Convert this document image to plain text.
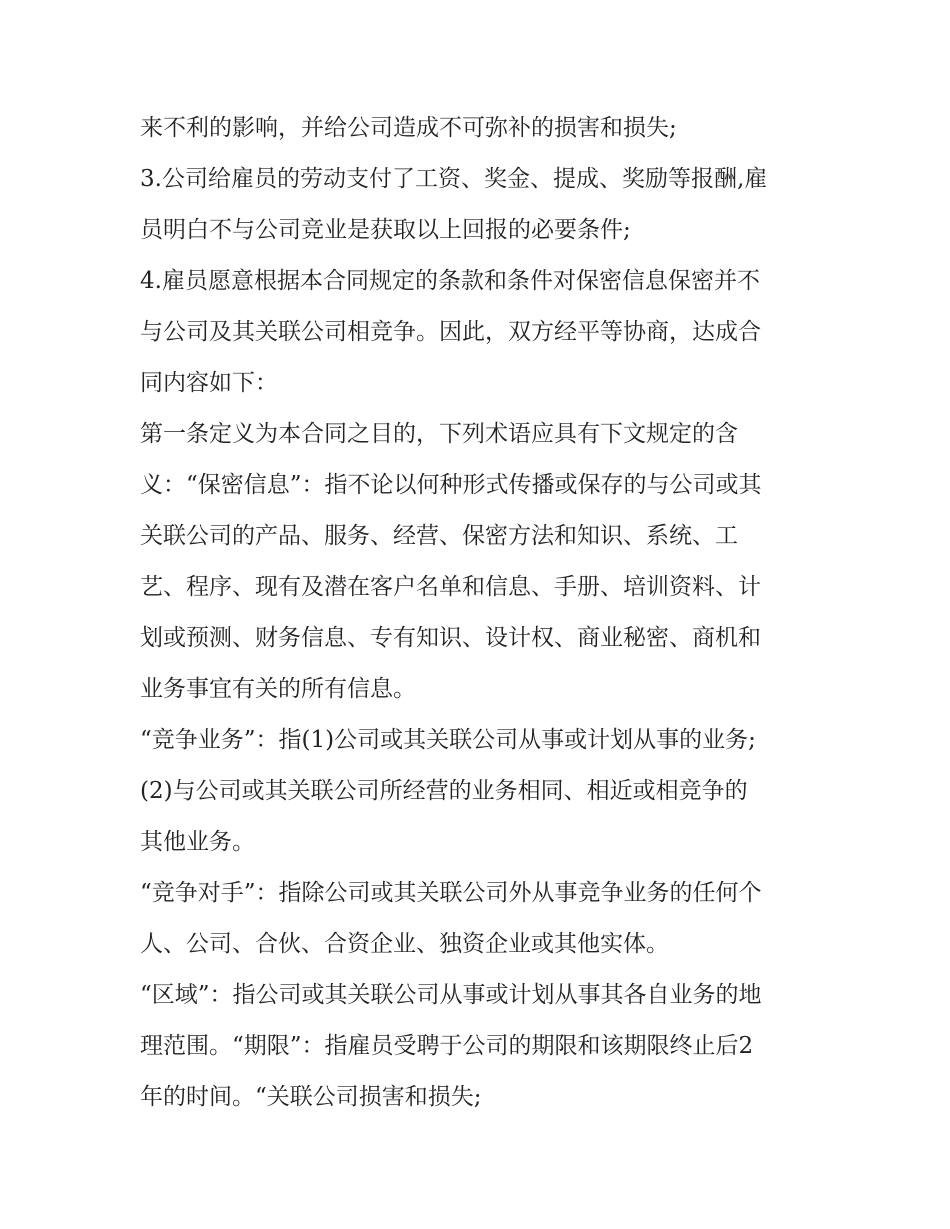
来不利的影响，并给公司造成不可弥补的损害和损失;
3.公司给雇员的劳动支付了工资、奖金、提成、奖励等报酬,雇
员明白不与公司竞业是获取以上回报的必要条件;
4.雇员愿意根据本合同规定的条款和条件对保密信息保密并不
与公司及其关联公司相竞争。因此，双方经平等协商，达成合
同内容如下：
第一条定义为本合同之目的，下列术语应具有下文规定的含
义：“保密信息”：指不论以何种形式传播或保存的与公司或其
关联公司的产品、服务、经营、保密方法和知识、系统、工
艺、程序、现有及潜在客户名单和信息、手册、培训资料、计
划或预测、财务信息、专有知识、设计权、商业秘密、商机和
业务事宜有关的所有信息。
“竞争业务”：指(1)公司或其关联公司从事或计划从事的业务;
(2)与公司或其关联公司所经营的业务相同、相近或相竞争的
其他业务。
“竞争对手”：指除公司或其关联公司外从事竞争业务的任何个
人、公司、合伙、合资企业、独资企业或其他实体。
“区域”：指公司或其关联公司从事或计划从事其各自业务的地
理范围。“期限”：指雇员受聘于公司的期限和该期限终止后2
年的时间。“关联公司损害和损失;
